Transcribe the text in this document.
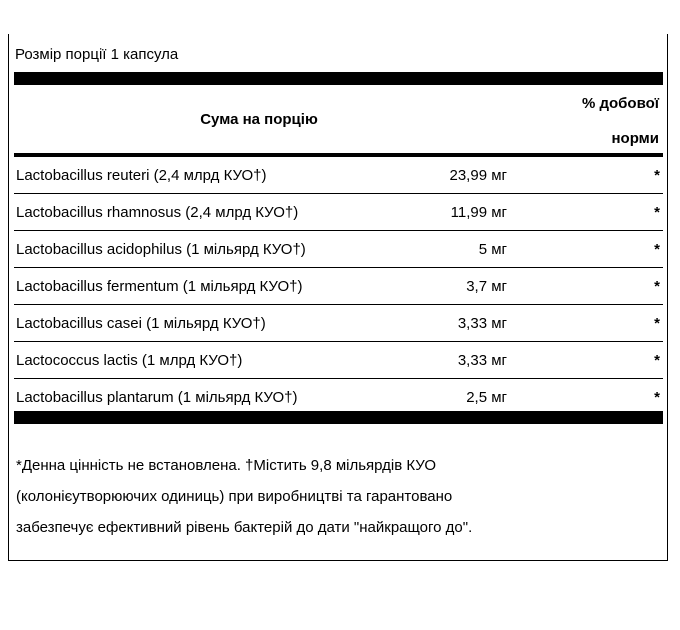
Розмір порції 1 капсула
Сума на порцію
% добової
норми
Lactobacillus reuteri (2,4 млрд КУО†)	23,99 мг	*
Lactobacillus rhamnosus (2,4 млрд КУО†)	11,99 мг	*
Lactobacillus acidophilus (1 мільярд КУО†)	5 мг	*
Lactobacillus fermentum (1 мільярд КУО†)	3,7 мг	*
Lactobacillus casei (1 мільярд КУО†)	3,33 мг	*
Lactococcus lactis (1 млрд КУО†)	3,33 мг	*
Lactobacillus plantarum (1 мільярд КУО†)	2,5 мг	*

*Денна цінність не встановлена. †Містить 9,8 мільярдів КУО

(колонієутворюючих одиниць) при виробництві та гарантовано

забезпечує ефективний рівень бактерій до дати "найкращого до".
